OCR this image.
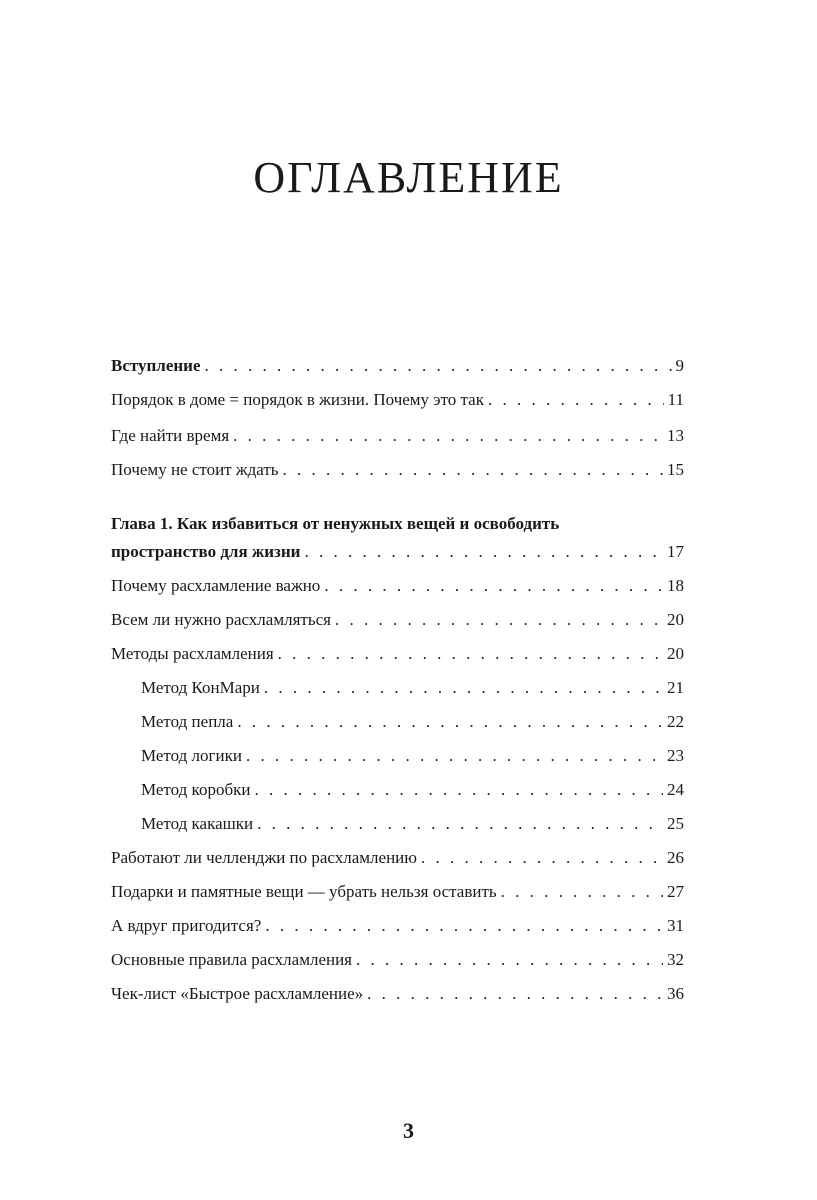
ОГЛАВЛЕНИЕ
Вступление . . .	9
Порядок в доме = порядок в жизни. Почему это так . . .	11
Где найти время . . .	13
Почему не стоит ждать . . .	15
Глава 1. Как избавиться от ненужных вещей и освободить
пространство для жизни . . .	17
Почему расхламление важно . . .	18
Всем ли нужно расхламляться . . .	20
Методы расхламления . . .	20
Метод КонМари . . .	21
Метод пепла . . .	22
Метод логики . . .	23
Метод коробки . . .	24
Метод какашки . . .	25
Работают ли челленджи по расхламлению . . .	26
Подарки и памятные вещи — убрать нельзя оставить . . .	27
А вдруг пригодится? . . .	31
Основные правила расхламления . . .	32
Чек-лист «Быстрое расхламление» . . .	36
3
